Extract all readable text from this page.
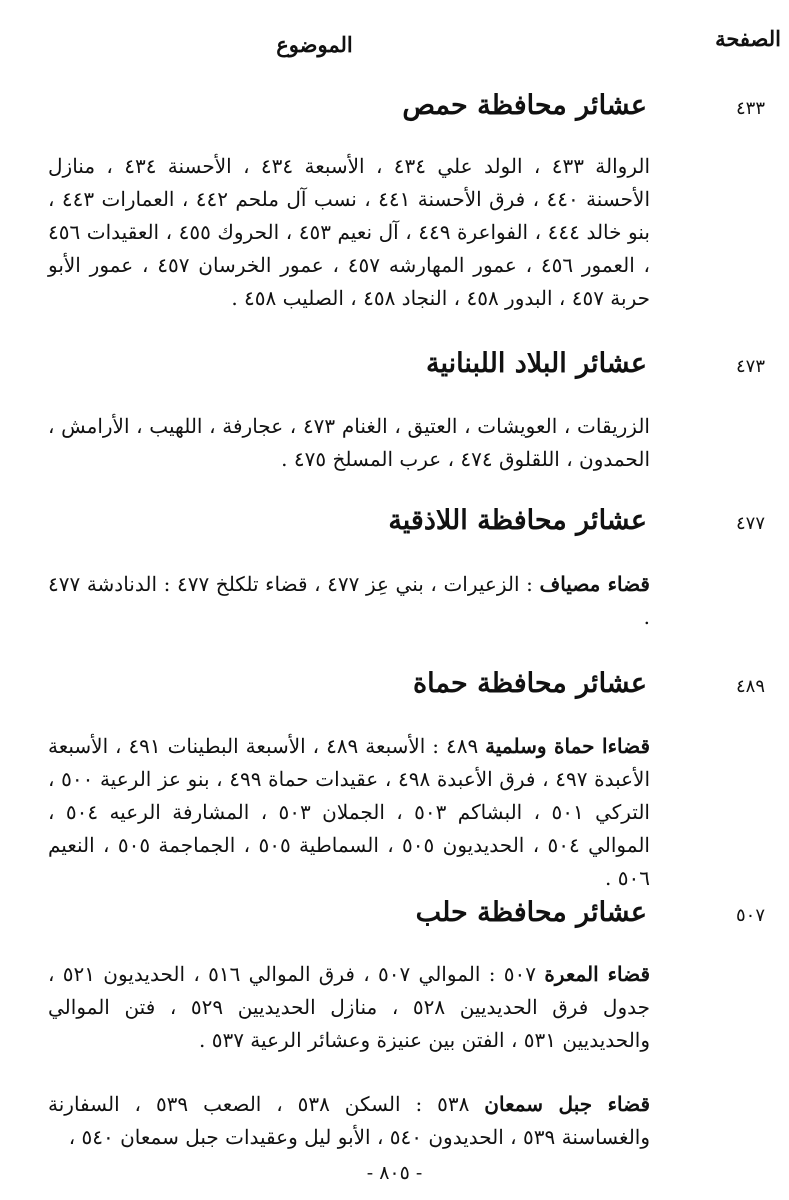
الصفحة
الموضوع
٤٣٣
عشائر محافظة حمص

الروالة ٤٣٣ ، الولد علي ٤٣٤ ، الأسبعة ٤٣٤ ، الأحسنة ٤٣٤ ، منازل الأحسنة ٤٤٠ ، فرق الأحسنة ٤٤١ ، نسب آل ملحم ٤٤٢ ، العمارات ٤٤٣ ، بنو خالد ٤٤٤ ، الفواعرة ٤٤٩ ، آل نعيم ٤٥٣ ، الحروك ٤٥٥ ، العقيدات ٤٥٦ ، العمور ٤٥٦ ، عمور المهارشه ٤٥٧ ، عمور الخرسان ٤٥٧ ، عمور الأبو حربة ٤٥٧ ، البدور ٤٥٨ ، النجاد ٤٥٨ ، الصليب ٤٥٨ .

٤٧٣
عشائر البلاد اللبنانية

الزريقات ، العويشات ، العتيق ، الغنام ٤٧٣ ، عجارفة ، اللهيب ، الأرامش ، الحمدون ، اللقلوق ٤٧٤ ، عرب المسلخ ٤٧٥ .

٤٧٧
عشائر محافظة اللاذقية

قضاء مصياف : الزعيرات ، بني عِز ٤٧٧ ، قضاء تلكلخ ٤٧٧ : الدنادشة ٤٧٧ .

٤٨٩
عشائر محافظة حماة

قضاءا حماة وسلمية ٤٨٩ : الأسبعة ٤٨٩ ، الأسبعة البطينات ٤٩١ ، الأسبعة الأعبدة ٤٩٧ ، فرق الأعبدة ٤٩٨ ، عقيدات حماة ٤٩٩ ، بنو عز الرعية ٥٠٠ ، التركي ٥٠١ ، البشاكم ٥٠٣ ، الجملان ٥٠٣ ، المشارفة الرعيه ٥٠٤ ، الموالي ٥٠٤ ، الحديديون ٥٠٥ ، السماطية ٥٠٥ ، الجماجمة ٥٠٥ ، النعيم ٥٠٦ .

٥٠٧
عشائر محافظة حلب

قضاء المعرة ٥٠٧ : الموالي ٥٠٧ ، فرق الموالي ٥١٦ ، الحديديون ٥٢١ ، جدول فرق الحديديين ٥٢٨ ، منازل الحديديين ٥٢٩ ، فتن الموالي والحديديين ٥٣١ ، الفتن بين عنيزة وعشائر الرعية ٥٣٧ .

قضاء جبل سمعان ٥٣٨ : السكن ٥٣٨ ، الصعب ٥٣٩ ، السفارنة والغساسنة ٥٣٩ ، الحديدون ٥٤٠ ، الأبو ليل وعقيدات جبل سمعان ٥٤٠ ،

- ٨٠٥ -
